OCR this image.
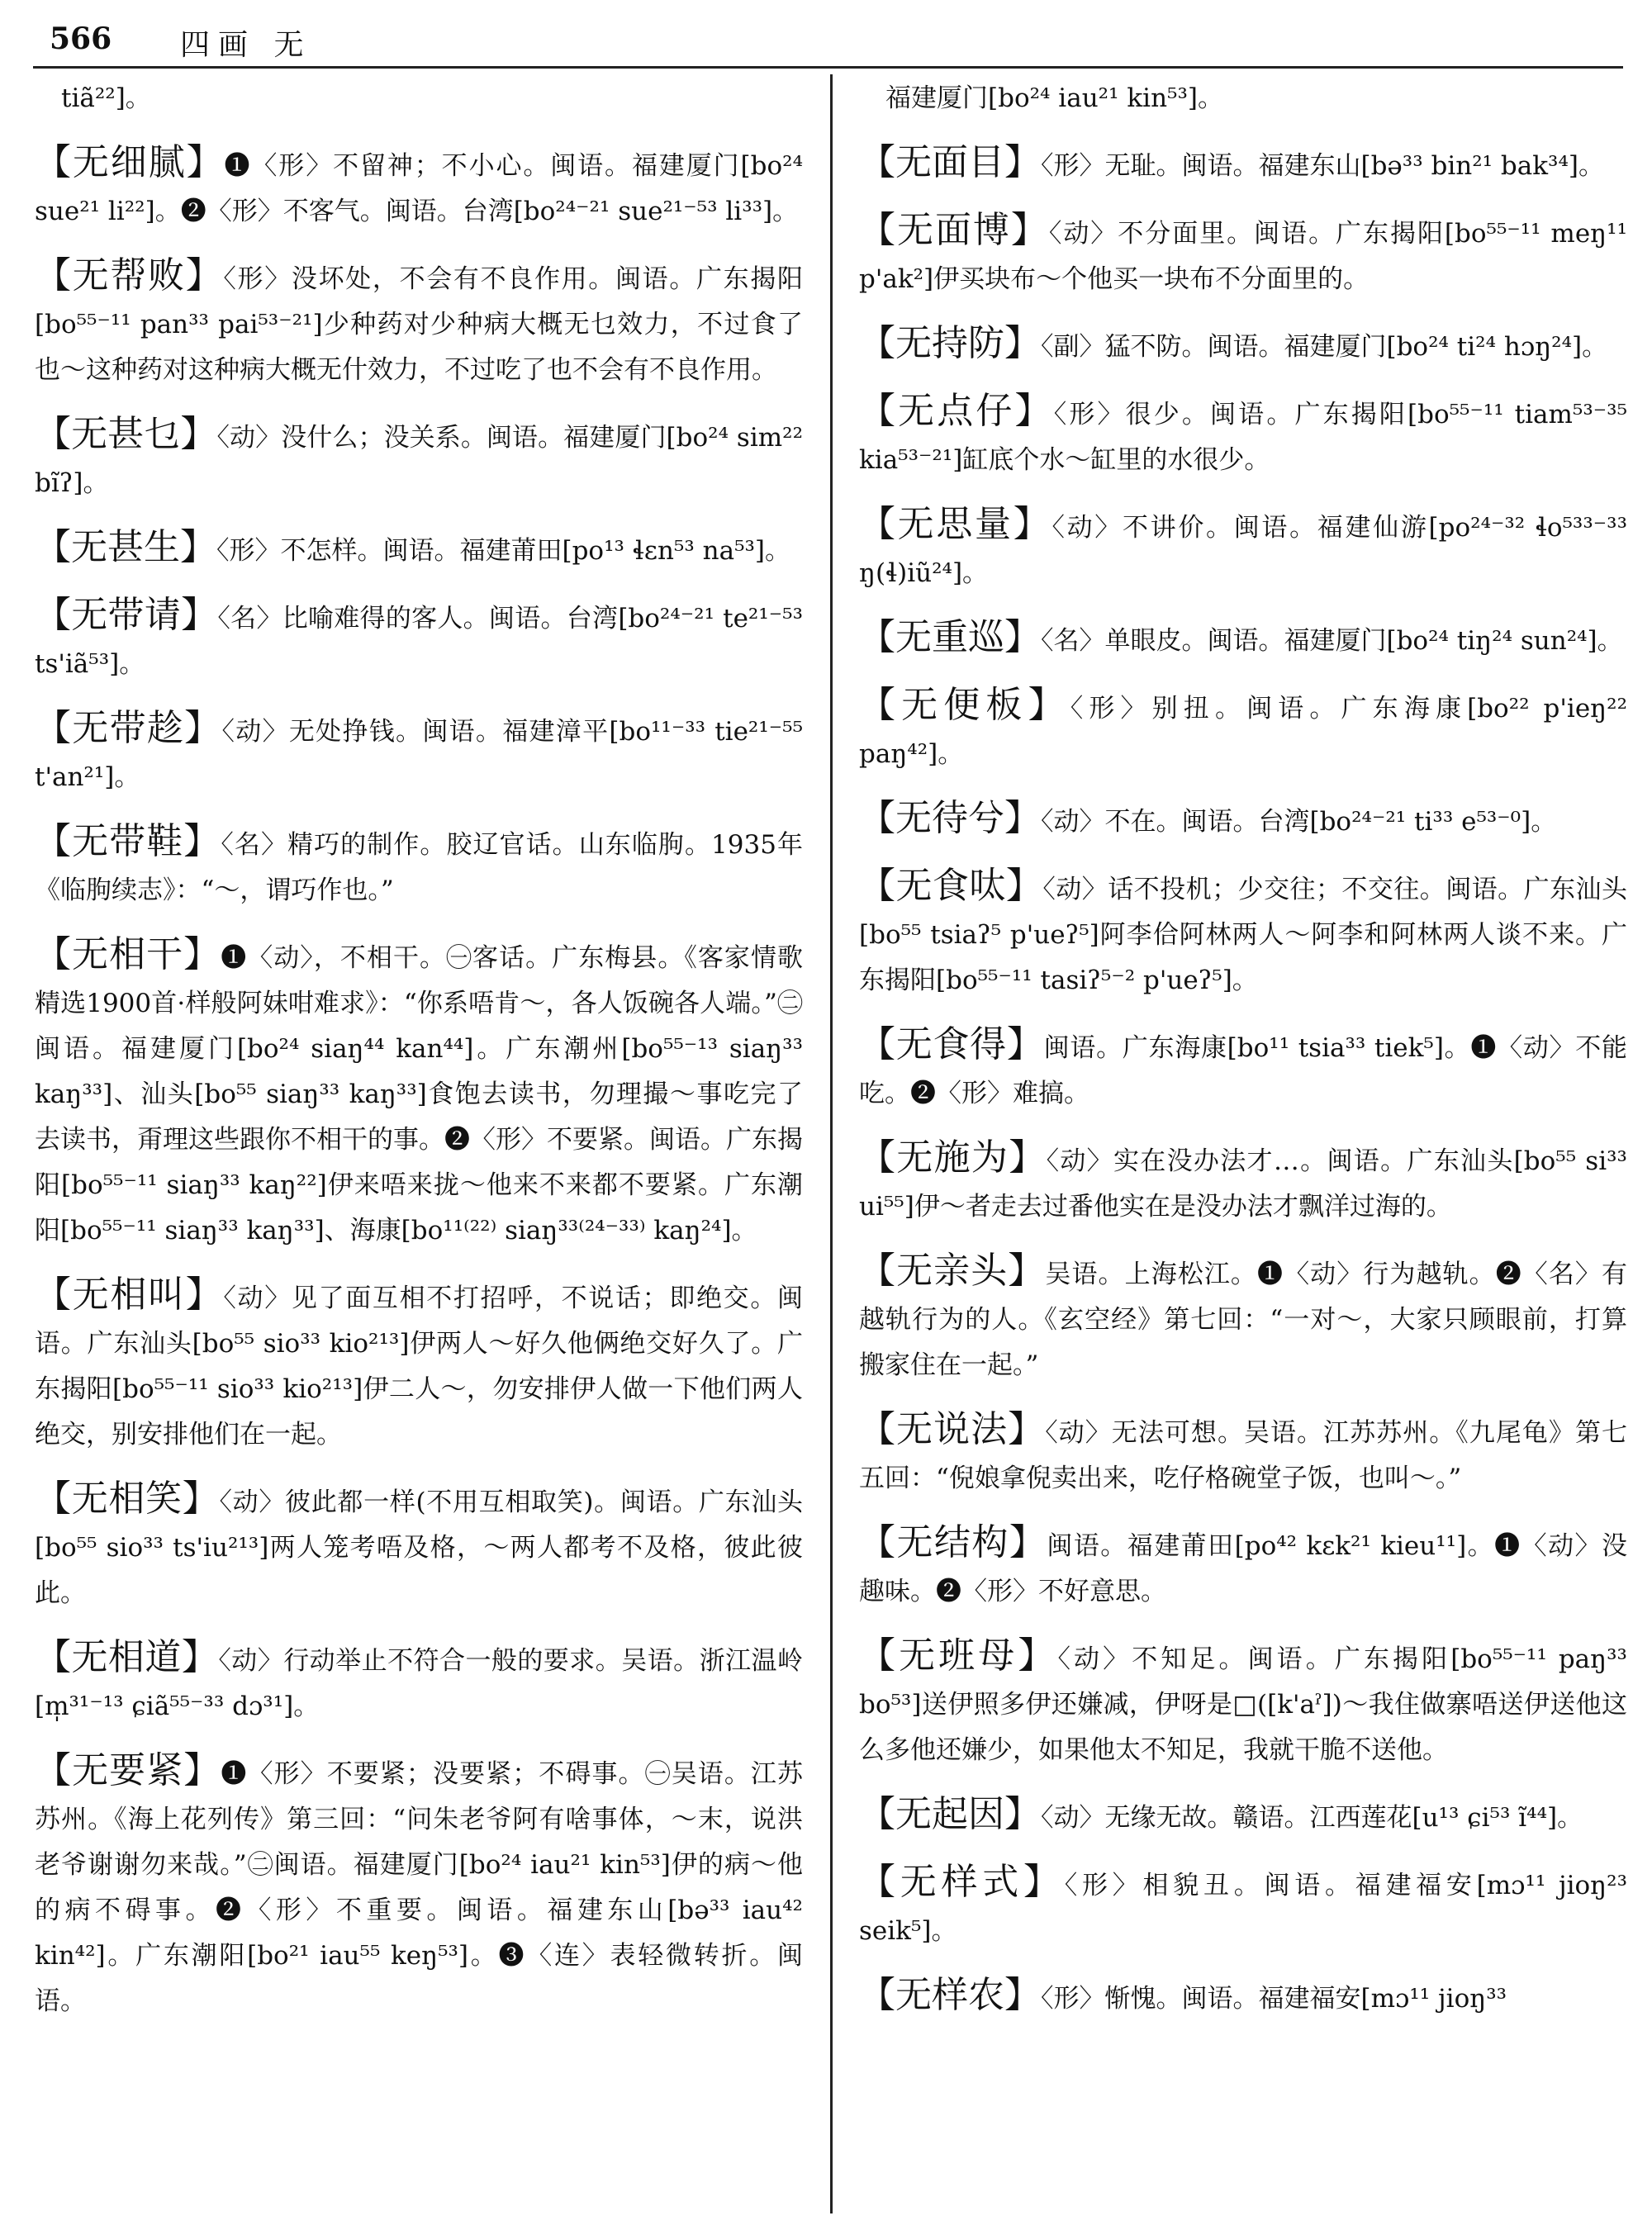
566 四画 无
tiã²²]。
【无细腻】❶〈形〉不留神；不小心。闽语。福建厦门[bo²⁴ sue²¹ li²²]。❷〈形〉不客气。闽语。台湾[bo²⁴⁻²¹ sue²¹⁻⁵³ li³³]。
【无帮败】〈形〉没坏处，不会有不良作用。闽语。广东揭阳[bo⁵⁵⁻¹¹ pan³³ pai⁵³⁻²¹]少种药对少种病大概无乜效力，不过食了也～这种药对这种病大概无什效力，不过吃了也不会有不良作用。
【无甚乜】〈动〉没什么；没关系。闽语。福建厦门[bo²⁴ sim²² bĩʔ]。
【无甚生】〈形〉不怎样。闽语。福建莆田[po¹³ ɬɛn⁵³ na⁵³]。
【无带请】〈名〉比喻难得的客人。闽语。台湾[bo²⁴⁻²¹ te²¹⁻⁵³ ts'iã⁵³]。
【无带趁】〈动〉无处挣钱。闽语。福建漳平[bo¹¹⁻³³ tie²¹⁻⁵⁵ t'an²¹]。
【无带鞋】〈名〉精巧的制作。胶辽官话。山东临朐。1935年《临朐续志》：“～，谓巧作也。”
【无相干】❶〈动〉，不相干。㊀客话。广东梅县。《客家情歌精选1900首·样般阿妹咁难求》：“你系唔肯～，各人饭碗各人端。”㊁闽语。福建厦门[bo²⁴ siaŋ⁴⁴ kan⁴⁴]。广东潮州[bo⁵⁵⁻¹³ siaŋ³³ kaŋ³³]、汕头[bo⁵⁵ siaŋ³³ kaŋ³³]食饱去读书，勿理撮～事吃完了去读书，甭理这些跟你不相干的事。❷〈形〉不要紧。闽语。广东揭阳[bo⁵⁵⁻¹¹ siaŋ³³ kaŋ²²]伊来唔来拢～他来不来都不要紧。广东潮阳[bo⁵⁵⁻¹¹ siaŋ³³ kaŋ³³]、海康[bo¹¹⁽²²⁾ siaŋ³³⁽²⁴⁻³³⁾ kaŋ²⁴]。
【无相叫】〈动〉见了面互相不打招呼，不说话；即绝交。闽语。广东汕头[bo⁵⁵ sio³³ kio²¹³]伊两人～好久他俩绝交好久了。广东揭阳[bo⁵⁵⁻¹¹ sio³³ kio²¹³]伊二人～，勿安排伊人做一下他们两人绝交，别安排他们在一起。
【无相笑】〈动〉彼此都一样(不用互相取笑)。闽语。广东汕头[bo⁵⁵ sio³³ ts'iu²¹³]两人笼考唔及格，～两人都考不及格，彼此彼此。
【无相道】〈动〉行动举止不符合一般的要求。吴语。浙江温岭[m̩³¹⁻¹³ ɕiã⁵⁵⁻³³ dɔ³¹]。
【无要紧】❶〈形〉不要紧；没要紧；不碍事。㊀吴语。江苏苏州。《海上花列传》第三回：“问朱老爷阿有啥事体，～末，说洪老爷谢谢勿来哉。”㊁闽语。福建厦门[bo²⁴ iau²¹ kin⁵³]伊的病～他的病不碍事。❷〈形〉不重要。闽语。福建东山[bə³³ iau⁴² kin⁴²]。广东潮阳[bo²¹ iau⁵⁵ keŋ⁵³]。❸〈连〉表轻微转折。闽语。
福建厦门[bo²⁴ iau²¹ kin⁵³]。
【无面目】〈形〉无耻。闽语。福建东山[bə³³ bin²¹ bak³⁴]。
【无面博】〈动〉不分面里。闽语。广东揭阳[bo⁵⁵⁻¹¹ meŋ¹¹ p'ak²]伊买块布～个他买一块布不分面里的。
【无持防】〈副〉猛不防。闽语。福建厦门[bo²⁴ ti²⁴ hɔŋ²⁴]。
【无点仔】〈形〉很少。闽语。广东揭阳[bo⁵⁵⁻¹¹ tiam⁵³⁻³⁵ kia⁵³⁻²¹]缸底个水～缸里的水很少。
【无思量】〈动〉不讲价。闽语。福建仙游[po²⁴⁻³² ɬo⁵³³⁻³³ ŋ(ɬ)iũ²⁴]。
【无重巡】〈名〉单眼皮。闽语。福建厦门[bo²⁴ tiŋ²⁴ sun²⁴]。
【无便板】〈形〉别扭。闽语。广东海康[bo²² p'ieŋ²² paŋ⁴²]。
【无待兮】〈动〉不在。闽语。台湾[bo²⁴⁻²¹ ti³³ e⁵³⁻⁰]。
【无食呔】〈动〉话不投机；少交往；不交往。闽语。广东汕头[bo⁵⁵ tsiaʔ⁵ p'ueʔ⁵]阿李佮阿林两人～阿李和阿林两人谈不来。广东揭阳[bo⁵⁵⁻¹¹ tasiʔ⁵⁻² p'ueʔ⁵]。
【无食得】闽语。广东海康[bo¹¹ tsia³³ tiek⁵]。❶〈动〉不能吃。❷〈形〉难搞。
【无施为】〈动〉实在没办法才…。闽语。广东汕头[bo⁵⁵ si³³ ui⁵⁵]伊～者走去过番他实在是没办法才飘洋过海的。
【无亲头】吴语。上海松江。❶〈动〉行为越轨。❷〈名〉有越轨行为的人。《玄空经》第七回：“一对～，大家只顾眼前，打算搬家住在一起。”
【无说法】〈动〉无法可想。吴语。江苏苏州。《九尾龟》第七五回：“倪娘拿倪卖出来，吃仔格碗堂子饭，也叫～。”
【无结构】闽语。福建莆田[po⁴² kɛk²¹ kieu¹¹]。❶〈动〉没趣味。❷〈形〉不好意思。
【无班母】〈动〉不知足。闽语。广东揭阳[bo⁵⁵⁻¹¹ paŋ³³ bo⁵³]送伊照多伊还嫌减，伊呀是□([k'aˀ])～我住做寨唔送伊送他这么多他还嫌少，如果他太不知足，我就干脆不送他。
【无起因】〈动〉无缘无故。赣语。江西莲花[u¹³ ɕi⁵³ ĩ⁴⁴]。
【无样式】〈形〉相貌丑。闽语。福建福安[mɔ¹¹ jioŋ²³ seik⁵]。
【无样农】〈形〉惭愧。闽语。福建福安[mɔ¹¹ jioŋ³³
